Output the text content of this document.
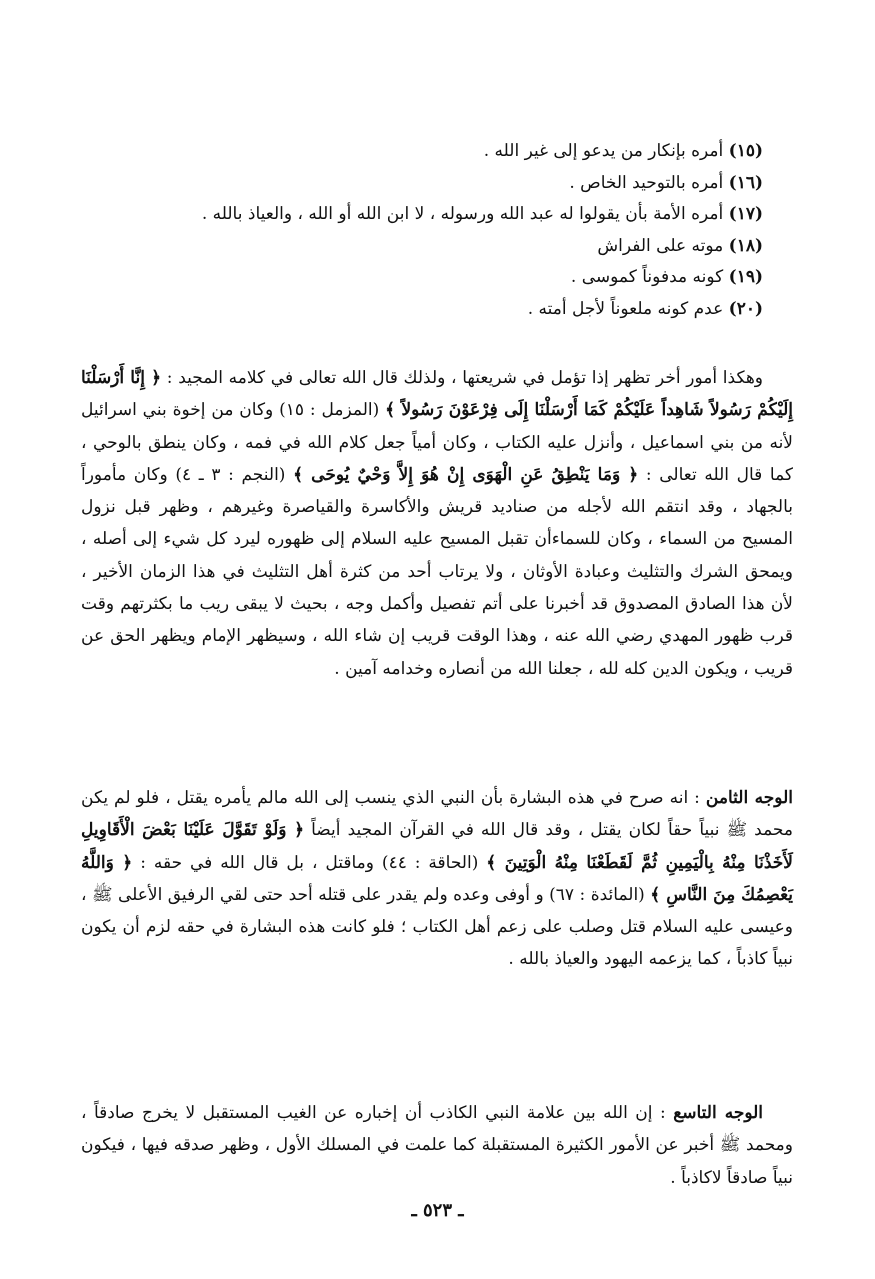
(١٥) أمره بإنكار من يدعو إلى غير الله .
(١٦) أمره بالتوحيد الخاص .
(١٧) أمره الأمة بأن يقولوا له عبد الله ورسوله ، لا ابن الله أو الله ، والعياذ بالله .
(١٨) موته على الفراش
(١٩) كونه مدفوناً كموسى .
(٢٠) عدم كونه ملعوناً لأجل أمته .

وهكذا أمور أخر تظهر إذا تؤمل في شريعتها ، ولذلك قال الله تعالى في كلامه المجيد : ﴿ إِنَّا أَرْسَلْنَا إِلَيْكُمْ رَسُولاً شَاهِداً عَلَيْكُمْ كَمَا أَرْسَلْنَا إِلَى فِرْعَوْنَ رَسُولاً ﴾ (المزمل : ١٥) وكان من إخوة بني اسرائيل لأنه من بني اسماعيل ، وأنزل عليه الكتاب ، وكان أمياً جعل كلام الله في فمه ، وكان ينطق بالوحي ، كما قال الله تعالى : ﴿ وَمَا يَنْطِقُ عَنِ الْهَوَى إِنْ هُوَ إِلاَّ وَحْيٌ يُوحَى ﴾ (النجم : ٣ ـ ٤) وكان مأموراً بالجهاد ، وقد انتقم الله لأجله من صناديد قريش والأكاسرة والقياصرة وغيرهم ، وظهر قبل نزول المسيح من السماء ، وكان للسماءأن تقبل المسيح عليه السلام إلى ظهوره ليرد كل شيء إلى أصله ، ويمحق الشرك والتثليث وعبادة الأوثان ، ولا يرتاب أحد من كثرة أهل التثليث في هذا الزمان الأخير ، لأن هذا الصادق المصدوق قد أخبرنا على أتم تفصيل وأكمل وجه ، بحيث لا يبقى ريب ما بكثرتهم وقت قرب ظهور المهدي رضي الله عنه ، وهذا الوقت قريب إن شاء الله ، وسيظهر الإمام ويظهر الحق عن قريب ، ويكون الدين كله لله ، جعلنا الله من أنصاره وخدامه آمين .

الوجه الثامن : انه صرح في هذه البشارة بأن النبي الذي ينسب إلى الله مالم يأمره يقتل ، فلو لم يكن محمد ﷺ نبياً حقاً لكان يقتل ، وقد قال الله في القرآن المجيد أيضاً ﴿ وَلَوْ تَقَوَّلَ عَلَيْنَا بَعْضَ الْأَقَاوِيلِ لَأَخَذْنَا مِنْهُ بِالْيَمِينِ ثُمَّ لَقَطَعْنَا مِنْهُ الْوَتِينَ ﴾ (الحاقة : ٤٤) وماقتل ، بل قال الله في حقه : ﴿ وَاللَّهُ يَعْصِمُكَ مِنَ النَّاسِ ﴾ (المائدة : ٦٧) و أوفى وعده ولم يقدر على قتله أحد حتى لقي الرفيق الأعلى ﷺ ، وعيسى عليه السلام قتل وصلب على زعم أهل الكتاب ؛ فلو كانت هذه البشارة في حقه لزم أن يكون نبياً كاذباً ، كما يزعمه اليهود والعياذ بالله .

الوجه التاسع : إن الله بين علامة النبي الكاذب أن إخباره عن الغيب المستقبل لا يخرج صادقاً ، ومحمد ﷺ أخبر عن الأمور الكثيرة المستقبلة كما علمت في المسلك الأول ، وظهر صدقه فيها ، فيكون نبياً صادقاً لاكاذباً .

ـ ٥٢٣ ـ
